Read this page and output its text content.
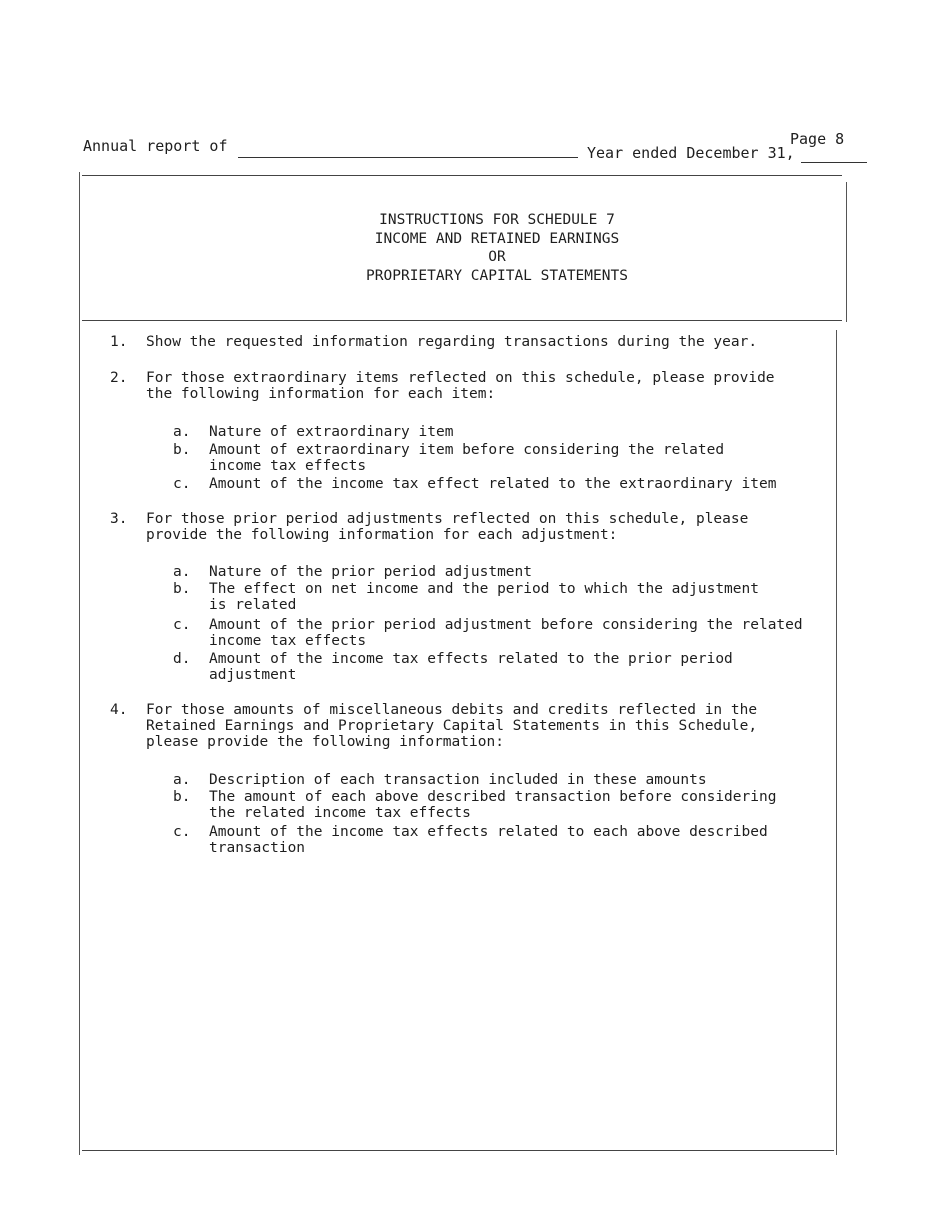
Annual report of	Year ended December 31,
Page 8
INSTRUCTIONS FOR SCHEDULE 7
INCOME AND RETAINED EARNINGS
OR
PROPRIETARY CAPITAL STATEMENTS
1. Show the requested information regarding transactions during the year.
2. For those extraordinary items reflected on this schedule, please provide
the following information for each item:
a. Nature of extraordinary item
b. Amount of extraordinary item before considering the related
income tax effects
c. Amount of the income tax effect related to the extraordinary item
3. For those prior period adjustments reflected on this schedule, please
provide the following information for each adjustment:
a. Nature of the prior period adjustment
b. The effect on net income and the period to which the adjustment
is related
c. Amount of the prior period adjustment before considering the related
income tax effects
d. Amount of the income tax effects related to the prior period
adjustment
4. For those amounts of miscellaneous debits and credits reflected in the
Retained Earnings and Proprietary Capital Statements in this Schedule,
please provide the following information:
a. Description of each transaction included in these amounts
b. The amount of each above described transaction before considering
the related income tax effects
c. Amount of the income tax effects related to each above described
transaction
